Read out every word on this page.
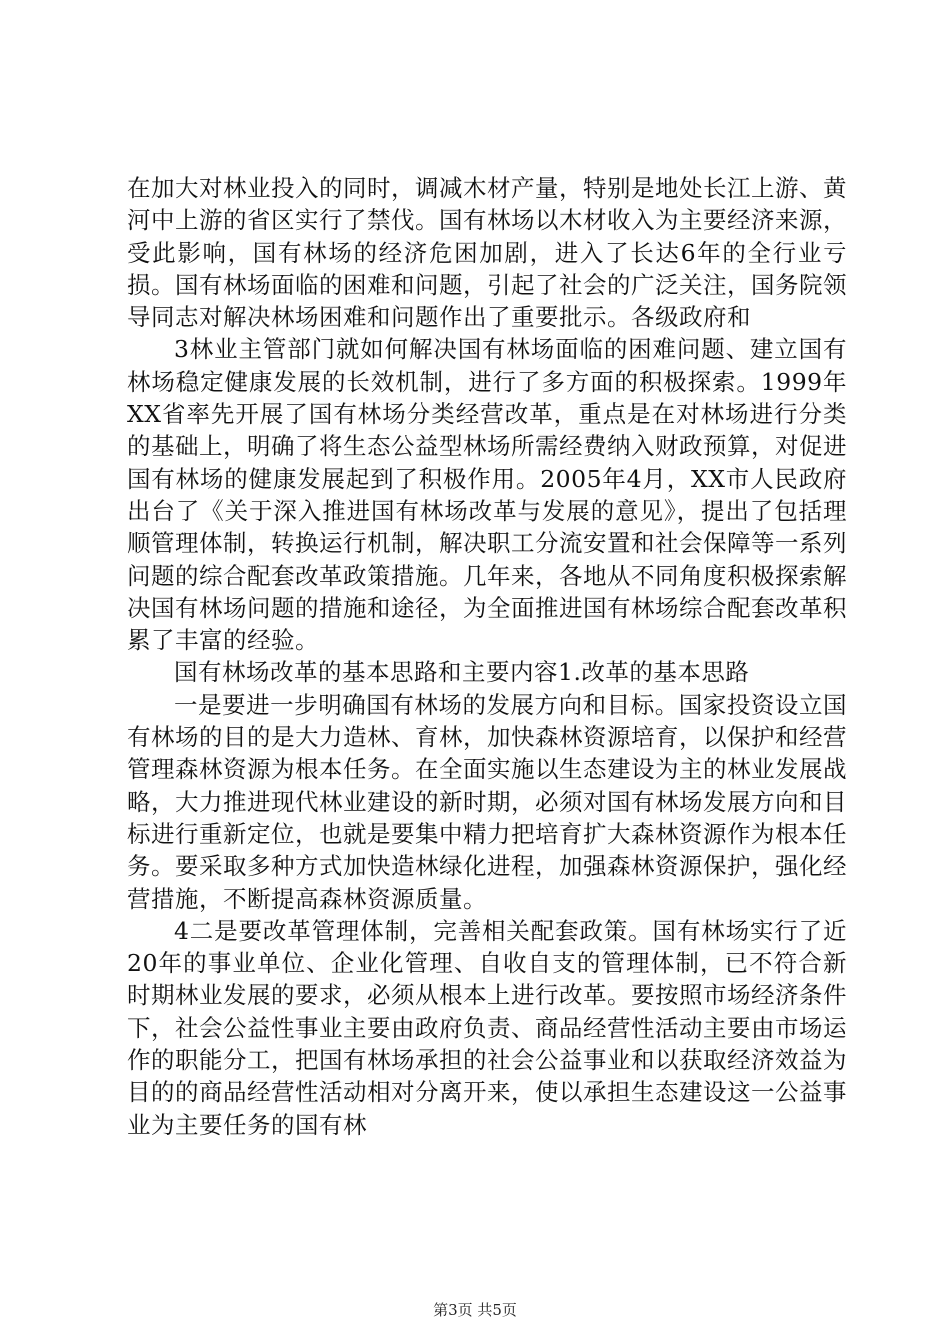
在加大对林业投入的同时，调减木材产量，特别是地处长江上游、黄河中上游的省区实行了禁伐。国有林场以木材收入为主要经济来源，受此影响，国有林场的经济危困加剧，进入了长达6年的全行业亏损。国有林场面临的困难和问题，引起了社会的广泛关注，国务院领导同志对解决林场困难和问题作出了重要批示。各级政府和

3林业主管部门就如何解决国有林场面临的困难问题、建立国有林场稳定健康发展的长效机制，进行了多方面的积极探索。1999年XX省率先开展了国有林场分类经营改革，重点是在对林场进行分类的基础上，明确了将生态公益型林场所需经费纳入财政预算，对促进国有林场的健康发展起到了积极作用。2005年4月，XX市人民政府出台了《关于深入推进国有林场改革与发展的意见》，提出了包括理顺管理体制，转换运行机制，解决职工分流安置和社会保障等一系列问题的综合配套改革政策措施。几年来，各地从不同角度积极探索解决国有林场问题的措施和途径，为全面推进国有林场综合配套改革积累了丰富的经验。

国有林场改革的基本思路和主要内容1.改革的基本思路

一是要进一步明确国有林场的发展方向和目标。国家投资设立国有林场的目的是大力造林、育林，加快森林资源培育，以保护和经营管理森林资源为根本任务。在全面实施以生态建设为主的林业发展战略，大力推进现代林业建设的新时期，必须对国有林场发展方向和目标进行重新定位，也就是要集中精力把培育扩大森林资源作为根本任务。要采取多种方式加快造林绿化进程，加强森林资源保护，强化经营措施，不断提高森林资源质量。

4二是要改革管理体制，完善相关配套政策。国有林场实行了近20年的事业单位、企业化管理、自收自支的管理体制，已不符合新时期林业发展的要求，必须从根本上进行改革。要按照市场经济条件下，社会公益性事业主要由政府负责、商品经营性活动主要由市场运作的职能分工，把国有林场承担的社会公益事业和以获取经济效益为目的的商品经营性活动相对分离开来，使以承担生态建设这一公益事业为主要任务的国有林

第3页 共5页
